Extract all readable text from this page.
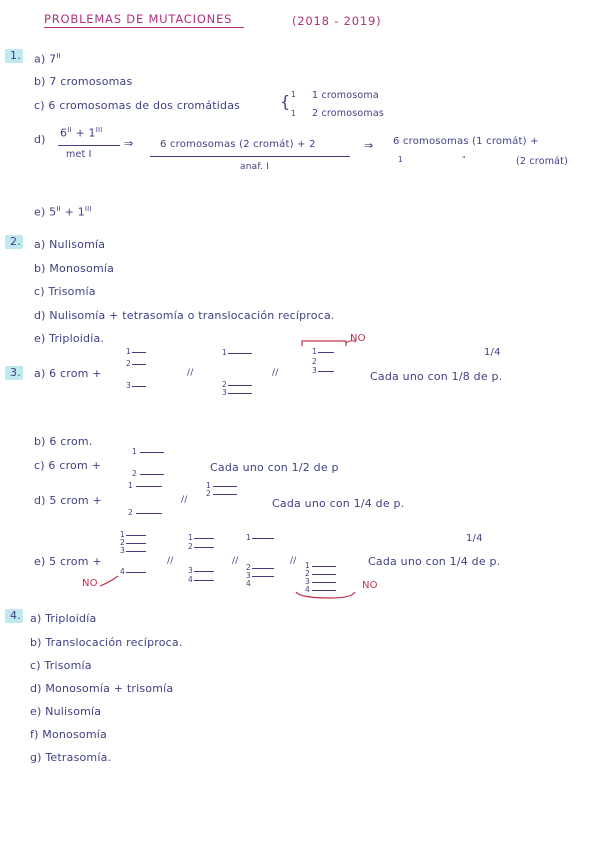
PROBLEMAS DE MUTACIONES	(2018 - 2019)
1. a) $7^{II}$
b) 7 cromosomas
c) 6 cromosomas de dos cromátidas { 1 1 cromosoma
1 2 cromosomas
d) $6^{II} + 1^{III}$
met I
⇒	6 cromosomas (2 cromát) + 2
anaf. I
⇒ 6 cromosomas (1 cromát) +
1	"	(2 cromát)
e) $5^{II} + 1^{III}$
2. a) Nulisomía
b) Monosomía
c) Trisomía
d) Nulisomía + tetrasomía o translocación recíproca.
e) Triploidía.	NO
3. a) 6 crom +
1
2
3
//
1
2
3
//
1
2
3
1/4
Cada uno con 1/8 de p.
b) 6 crom.
c) 6 crom +
1
2	Cada uno con 1/2 de p
d) 5 crom +
1
2
//
1
2
Cada uno con 1/4 de p.
e) 5 crom +
1
2
3
4
//
1
2
3
4
//
1
2
3
4
// 1
2
3
4
1/4
Cada uno con 1/4 de p.
NO	NO
4. a) Triploidía
b) Translocación recíproca.
c) Trisomía
d) Monosomía + trisomía
e) Nulisomía
f) Monosomía
g) Tetrasomía.
